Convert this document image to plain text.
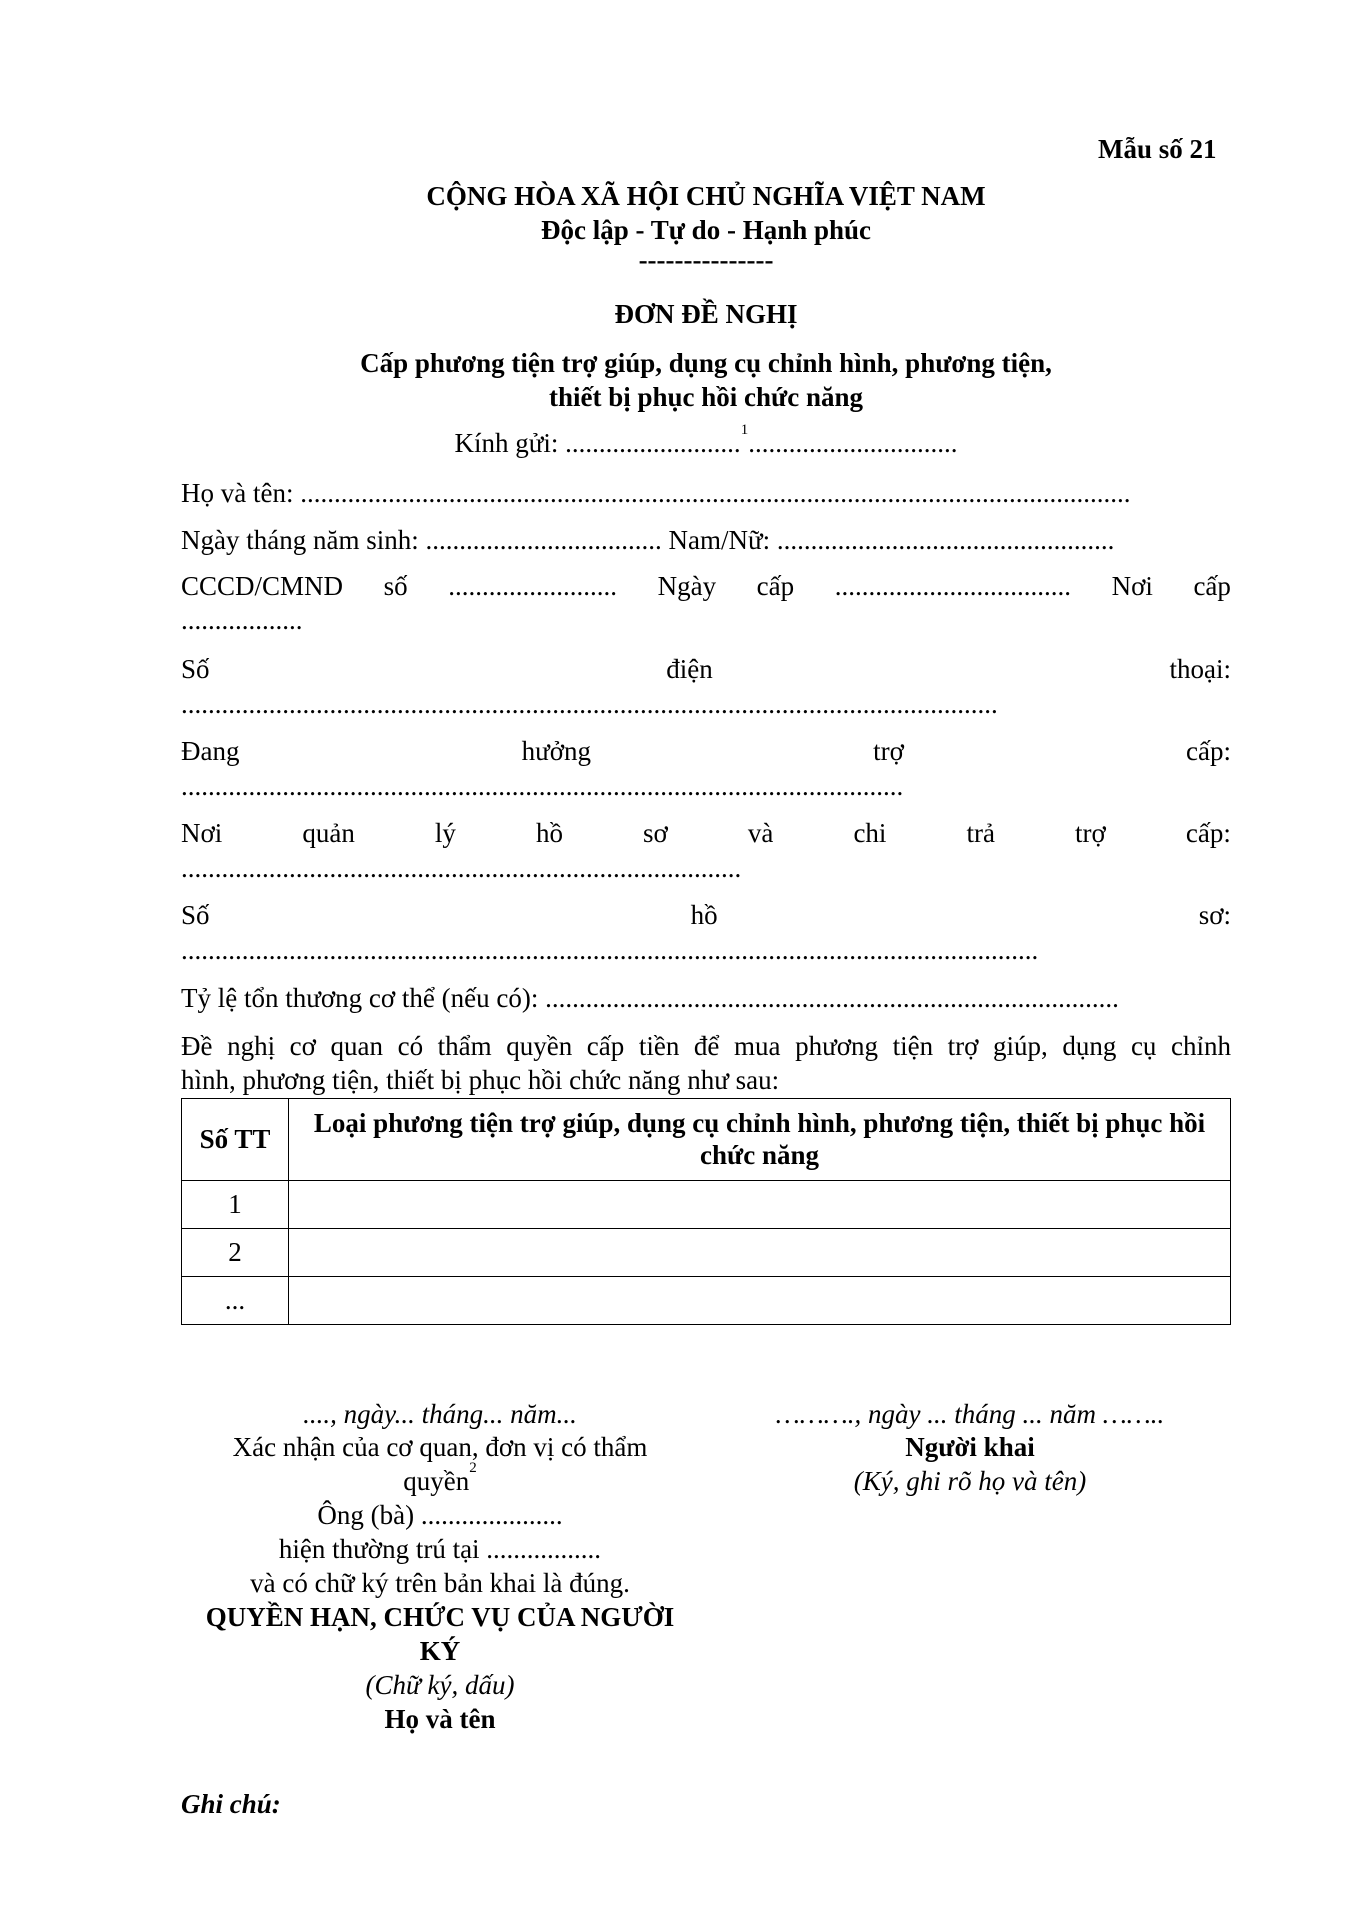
Mẫu số 21
CỘNG HÒA XÃ HỘI CHỦ NGHĨA VIỆT NAM
Độc lập - Tự do - Hạnh phúc
---------------
ĐƠN ĐỀ NGHỊ
Cấp phương tiện trợ giúp, dụng cụ chỉnh hình, phương tiện,
thiết bị phục hồi chức năng
Kính gửi: ..........................$^1$...............................
Họ và tên: ...........................................................................................................................
Ngày tháng năm sinh: ................................... Nam/Nữ: ..................................................
CCCD/CMND số ......................... Ngày cấp ................................... Nơi cấp
..................
Số	điện	thoại:
.........................................................................................................................
Đang	hưởng	trợ	cấp:
...........................................................................................................
Nơi	quản	lý	hồ	sơ	và	chi	trả	trợ	cấp:
...................................................................................
Số	hồ	sơ:
...............................................................................................................................
Tỷ lệ tổn thương cơ thể (nếu có): .....................................................................................
Đề nghị cơ quan có thẩm quyền cấp tiền để mua phương tiện trợ giúp, dụng cụ chỉnh
hình, phương tiện, thiết bị phục hồi chức năng như sau:
Số TT	Loại phương tiện trợ giúp, dụng cụ chỉnh hình, phương tiện, thiết bị phục hồi chức năng
1	
2	
...	
...., ngày... tháng... năm...
Xác nhận của cơ quan, đơn vị có thẩm
quyền$^2$
Ông (bà) .....................
hiện thường trú tại .................
và có chữ ký trên bản khai là đúng.
QUYỀN HẠN, CHỨC VỤ CỦA NGƯỜI
KÝ
(Chữ ký, dấu)
Họ và tên
………., ngày ... tháng ... năm ……..
Người khai
(Ký, ghi rõ họ và tên)
Ghi chú:
